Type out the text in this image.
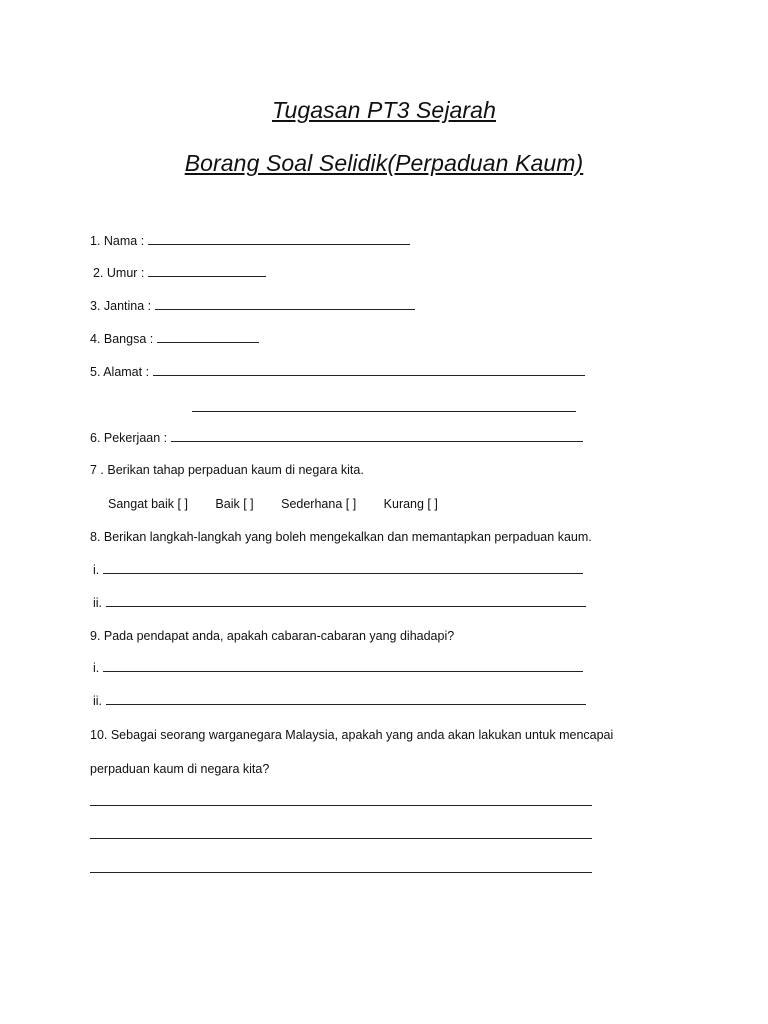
Tugasan PT3 Sejarah
Borang Soal Selidik(Perpaduan Kaum)
1. Nama :
2. Umur :
3. Jantina :
4. Bangsa :
5. Alamat :
6. Pekerjaan :
7 . Berikan tahap perpaduan kaum di negara kita.
Sangat baik [ ] Baik [ ] Sederhana [ ] Kurang [ ]
8. Berikan langkah-langkah yang boleh mengekalkan dan memantapkan perpaduan kaum.
i.
ii.
9. Pada pendapat anda, apakah cabaran-cabaran yang dihadapi?
i.
ii.
10. Sebagai seorang warganegara Malaysia, apakah yang anda akan lakukan untuk mencapai
perpaduan kaum di negara kita?
